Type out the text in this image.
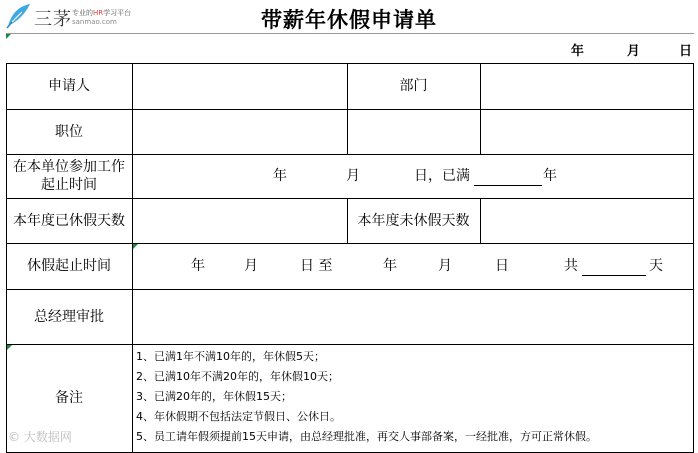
三茅 专业的HR学习平台
sanmao.com	带薪年休假申请单
年	月	日
申请人	部门
职位
在本单位参加工作
起止时间
年	月	日，已满	年
本年度已休假天数	本年度未休假天数
休假起止时间	年	月	日 至	年	月	日	共	天
总经理审批
备注
1、已满1年不满10年的，年休假5天；
2、已满10年不满20年的，年休假10天；
3、已满20年的，年休假15天；
4、年休假期不包括法定节假日、公休日。
5、员工请年假须提前15天申请，由总经理批准，再交人事部备案，一经批准，方可正常休假。
© 大数据网
